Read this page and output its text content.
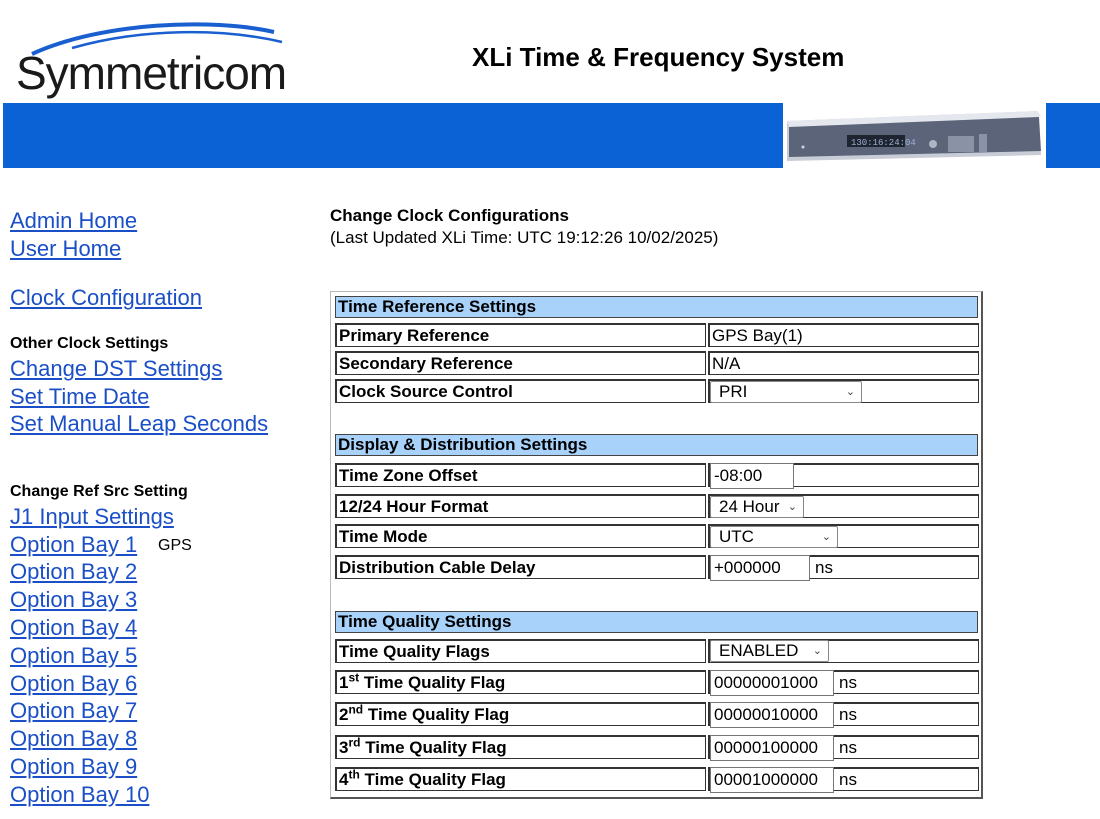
Symmetricom	XLi Time & Frequency System
130:16:24:04
Admin Home
User Home
Clock Configuration
Other Clock Settings
Change DST Settings
Set Time Date
Set Manual Leap Seconds
Change Ref Src Setting
J1 Input Settings
Option Bay 1 GPS
Option Bay 2
Option Bay 3
Option Bay 4
Option Bay 5
Option Bay 6
Option Bay 7
Option Bay 8
Option Bay 9
Option Bay 10
Change Clock Configurations
(Last Updated XLi Time: UTC 19:12:26 10/02/2025)
Time Reference Settings
Primary Reference	GPS Bay(1)
Secondary Reference	N/A
Clock Source Control	PRI	⌄
Display & Distribution Settings
Time Zone Offset	-08:00
12/24 Hour Format	24 Hour ⌄
Time Mode	UTC	⌄
Distribution Cable Delay	+000000	ns
Time Quality Settings
Time Quality Flags	ENABLED ⌄
1st Time Quality Flag	00000001000	ns
2nd Time Quality Flag	00000010000	ns
3rd Time Quality Flag	00000100000	ns
4th Time Quality Flag	00001000000	ns
